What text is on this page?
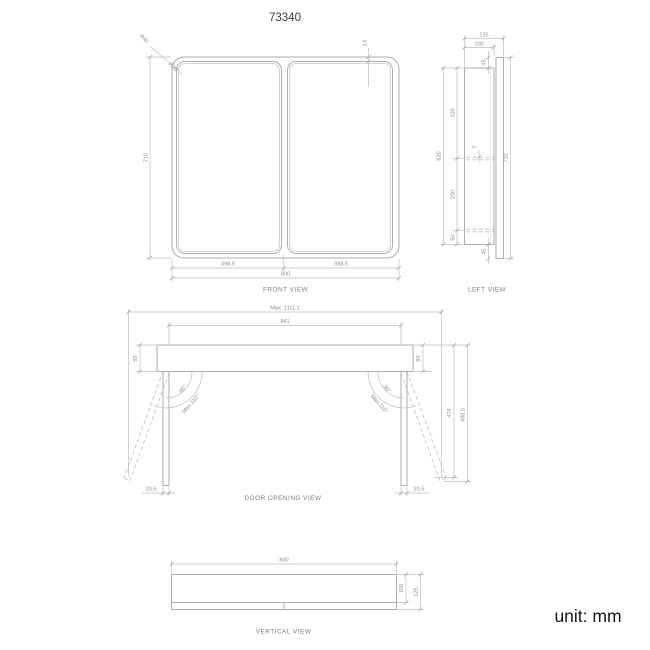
73340
R40
R28
14
710
398.5	398.5
800
FRONT VIEW
7
125
100
45
45
320
250
50
620	710
LEFT VIEW
90°
Max.110°
90°
Max.110°
Max. 1111.1
841
93	93
474 488.5
20.5	20.5
DOOR OPENING VIEW
800
100 125
VERTICAL VIEW
unit: mm
